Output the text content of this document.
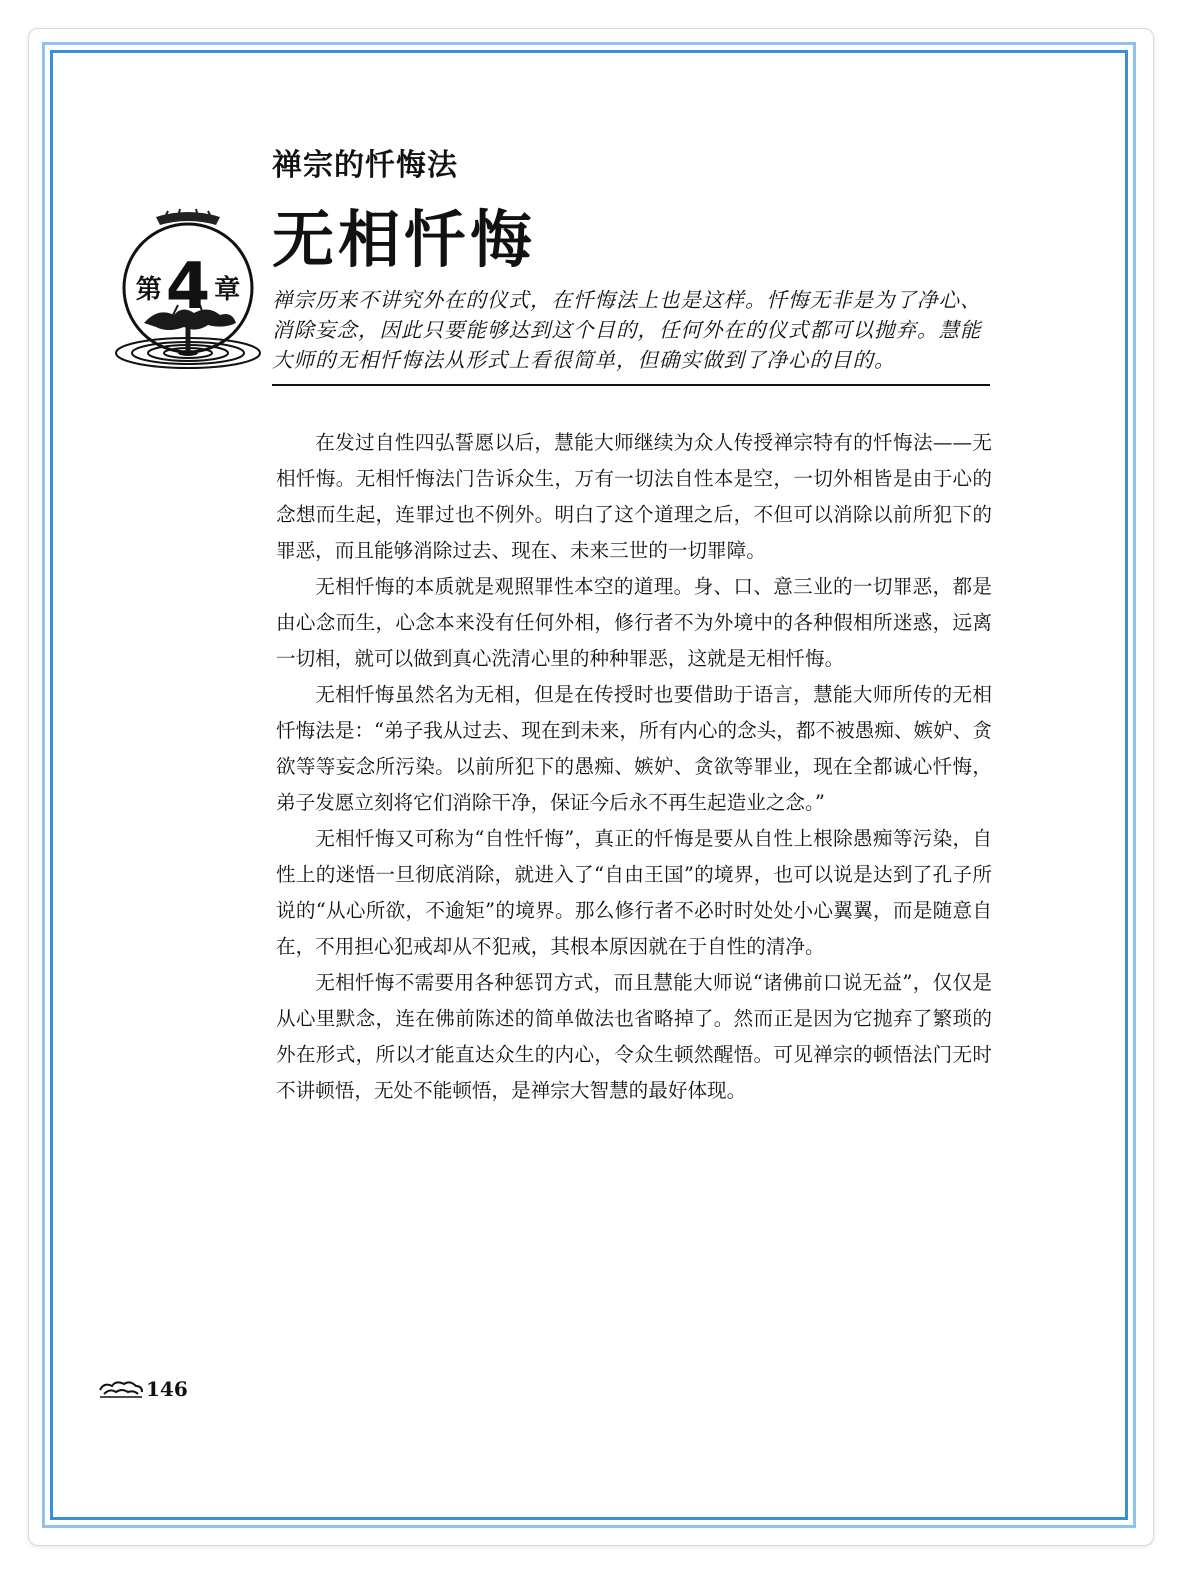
禅宗的忏悔法
无相忏悔
第 4 章 禅宗历来不讲究外在的仪式，在忏悔法上也是这样。忏悔无非是为了净心、消除妄念，因此只要能够达到这个目的，任何外在的仪式都可以抛弃。慧能大师的无相忏悔法从形式上看很简单，但确实做到了净心的目的。

在发过自性四弘誓愿以后，慧能大师继续为众人传授禅宗特有的忏悔法——无相忏悔。无相忏悔法门告诉众生，万有一切法自性本是空，一切外相皆是由于心的念想而生起，连罪过也不例外。明白了这个道理之后，不但可以消除以前所犯下的罪恶，而且能够消除过去、现在、未来三世的一切罪障。

无相忏悔的本质就是观照罪性本空的道理。身、口、意三业的一切罪恶，都是由心念而生，心念本来没有任何外相，修行者不为外境中的各种假相所迷惑，远离一切相，就可以做到真心洗清心里的种种罪恶，这就是无相忏悔。

无相忏悔虽然名为无相，但是在传授时也要借助于语言，慧能大师所传的无相忏悔法是：“弟子我从过去、现在到未来，所有内心的念头，都不被愚痴、嫉妒、贪欲等等妄念所污染。以前所犯下的愚痴、嫉妒、贪欲等罪业，现在全都诚心忏悔，弟子发愿立刻将它们消除干净，保证今后永不再生起造业之念。”

无相忏悔又可称为“自性忏悔”，真正的忏悔是要从自性上根除愚痴等污染，自性上的迷悟一旦彻底消除，就进入了“自由王国”的境界，也可以说是达到了孔子所说的“从心所欲，不逾矩”的境界。那么修行者不必时时处处小心翼翼，而是随意自在，不用担心犯戒却从不犯戒，其根本原因就在于自性的清净。

无相忏悔不需要用各种惩罚方式，而且慧能大师说“诸佛前口说无益”，仅仅是从心里默念，连在佛前陈述的简单做法也省略掉了。然而正是因为它抛弃了繁琐的外在形式，所以才能直达众生的内心，令众生顿然醒悟。可见禅宗的顿悟法门无时不讲顿悟，无处不能顿悟，是禅宗大智慧的最好体现。

146
